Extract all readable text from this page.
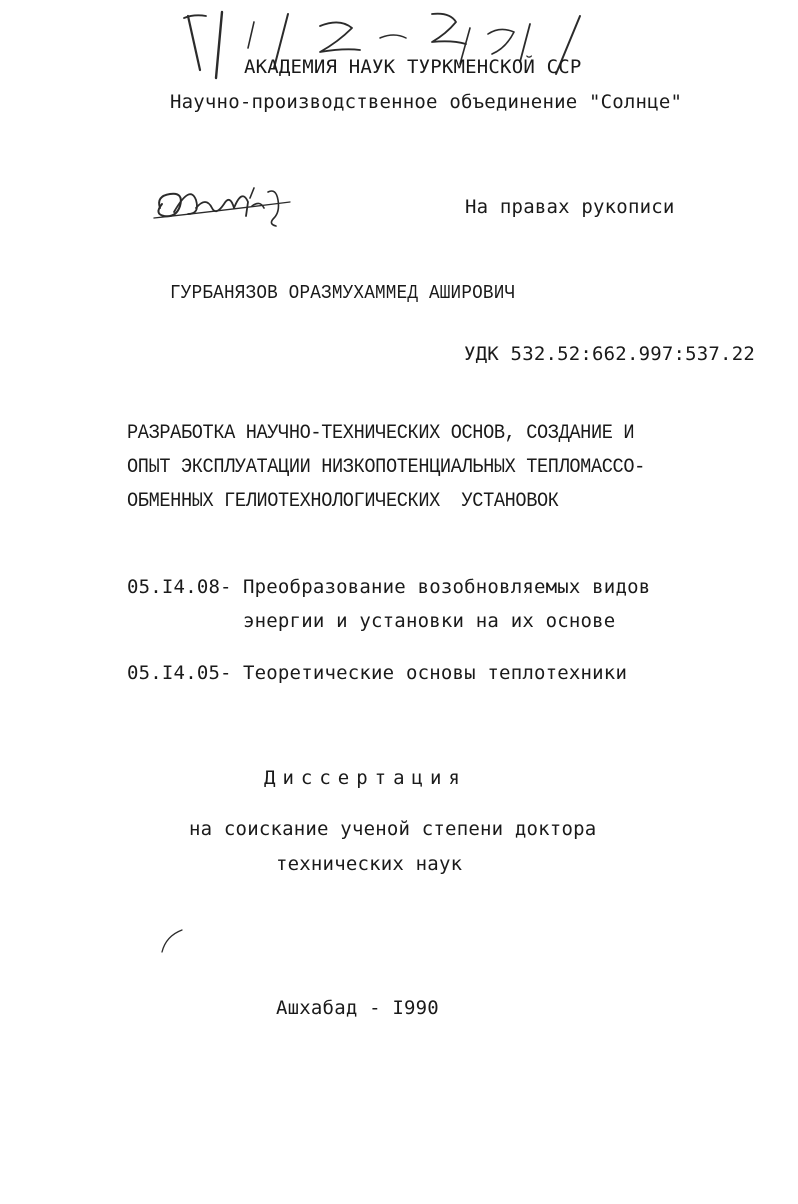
АКАДЕМИЯ НАУК ТУРКМЕНСКОЙ ССР
Научно-производственное объединение "Солнце"
На правах рукописи
ГУРБАНЯЗОВ ОРАЗМУХАММЕД АШИРОВИЧ
УДК 532.52:662.997:537.22
РАЗРАБОТКА НАУЧНО-ТЕХНИЧЕСКИХ ОСНОВ, СОЗДАНИЕ И
ОПЫТ ЭКСПЛУАТАЦИИ НИЗКОПОТЕНЦИАЛЬНЫХ ТЕПЛОМАССО-
ОБМЕННЫХ ГЕЛИОТЕХНОЛОГИЧЕСКИХ  УСТАНОВОК
05.I4.08 - Преобразование возобновляемых видов
энергии и установки на их основе
05.I4.05 - Теоретические основы теплотехники
Диссертация
на соискание ученой степени доктора
технических наук
Ашхабад - I990
